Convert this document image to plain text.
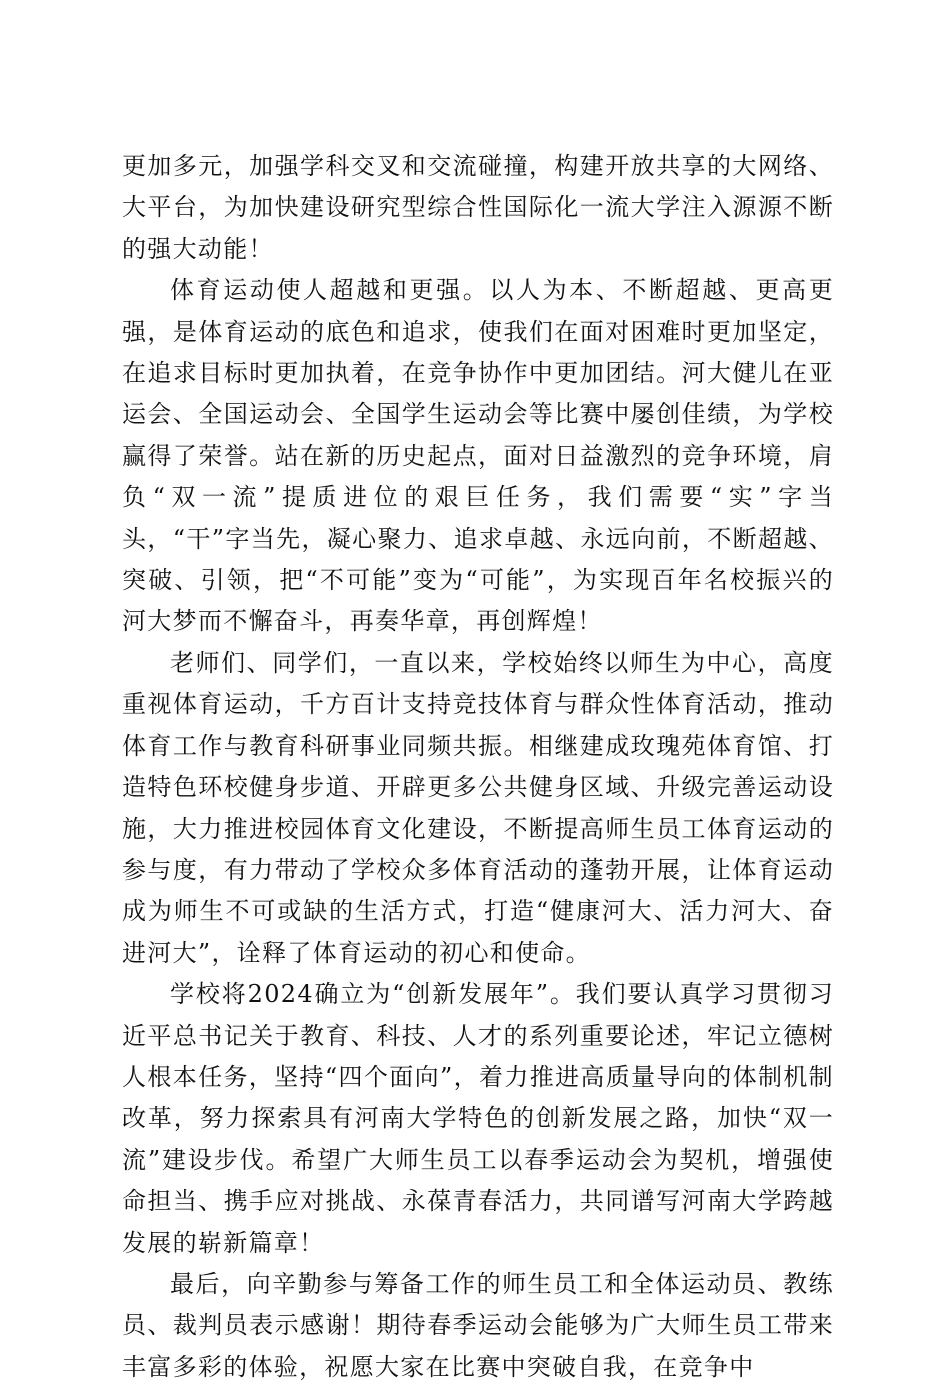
更加多元，加强学科交叉和交流碰撞，构建开放共享的大网络、大平台，为加快建设研究型综合性国际化一流大学注入源源不断的强大动能！

体育运动使人超越和更强。以人为本、不断超越、更高更强，是体育运动的底色和追求，使我们在面对困难时更加坚定，在追求目标时更加执着，在竞争协作中更加团结。河大健儿在亚运会、全国运动会、全国学生运动会等比赛中屡创佳绩，为学校赢得了荣誉。站在新的历史起点，面对日益激烈的竞争环境，肩负“双一流”提质进位的艰巨任务，我们需要“实”字当头，“干”字当先，凝心聚力、追求卓越、永远向前，不断超越、突破、引领，把“不可能”变为“可能”，为实现百年名校振兴的河大梦而不懈奋斗，再奏华章，再创辉煌！

老师们、同学们，一直以来，学校始终以师生为中心，高度重视体育运动，千方百计支持竞技体育与群众性体育活动，推动体育工作与教育科研事业同频共振。相继建成玫瑰苑体育馆、打造特色环校健身步道、开辟更多公共健身区域、升级完善运动设施，大力推进校园体育文化建设，不断提高师生员工体育运动的参与度，有力带动了学校众多体育活动的蓬勃开展，让体育运动成为师生不可或缺的生活方式，打造“健康河大、活力河大、奋进河大”，诠释了体育运动的初心和使命。

学校将2024确立为“创新发展年”。我们要认真学习贯彻习近平总书记关于教育、科技、人才的系列重要论述，牢记立德树人根本任务，坚持“四个面向”，着力推进高质量导向的体制机制改革，努力探索具有河南大学特色的创新发展之路，加快“双一流”建设步伐。希望广大师生员工以春季运动会为契机，增强使命担当、携手应对挑战、永葆青春活力，共同谱写河南大学跨越发展的崭新篇章！

最后，向辛勤参与筹备工作的师生员工和全体运动员、教练员、裁判员表示感谢！期待春季运动会能够为广大师生员工带来丰富多彩的体验，祝愿大家在比赛中突破自我，在竞争中
